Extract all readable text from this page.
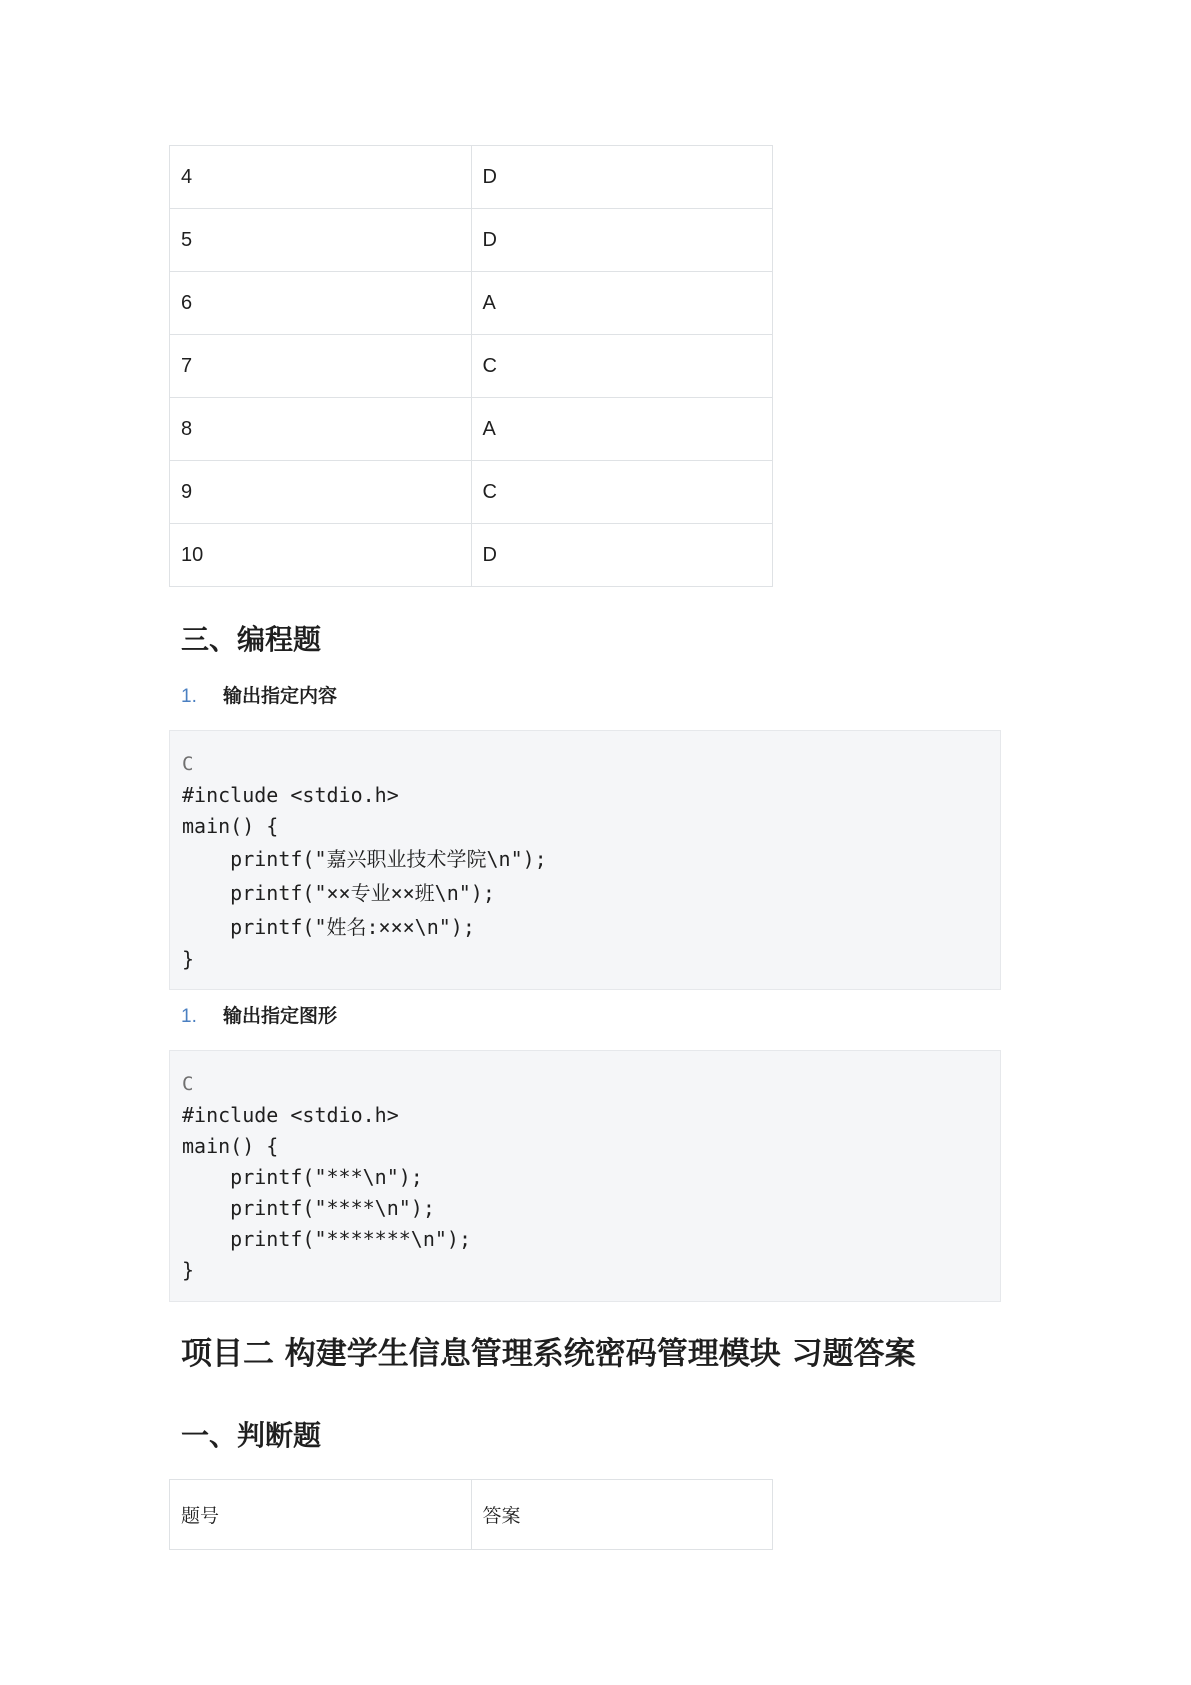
4	D
5	D
6	A
7	C
8	A
9	C
10	D
三、编程题
1. 输出指定内容
C
#include <stdio.h>
main() {
printf("嘉兴职业技术学院\n");
printf("××专业××班\n");
printf("姓名:×××\n");
}
1. 输出指定图形
C
#include <stdio.h>
main() {
printf("***\n");
printf("****\n");
printf("*******\n");
}
项目二 构建学生信息管理系统密码管理模块 习题答案
一、判断题
题号	答案
